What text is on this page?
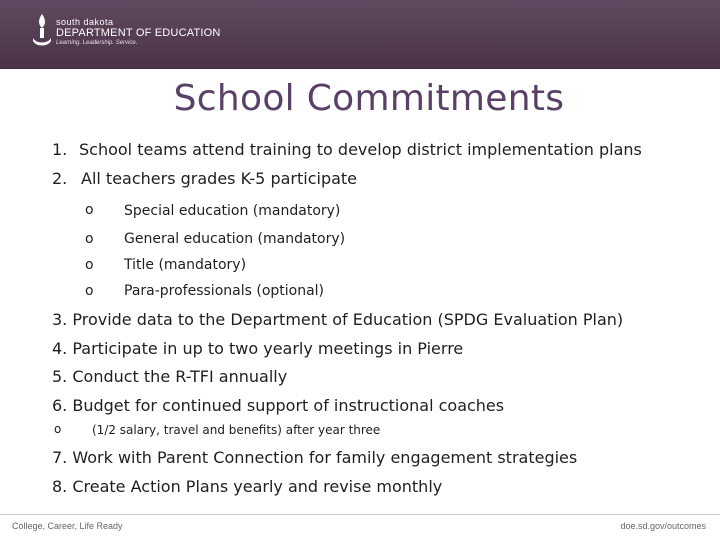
south dakota
DEPARTMENT OF EDUCATION
Learning. Leadership. Service.
School Commitments
1. School teams attend training to develop district implementation plans
2. All teachers grades K-5 participate
o Special education (mandatory)
o General education (mandatory)
o Title (mandatory)
o Para-professionals (optional)
3. Provide data to the Department of Education (SPDG Evaluation Plan)
4. Participate in up to two yearly meetings in Pierre
5. Conduct the R-TFI annually
6. Budget for continued support of instructional coaches
o	(1/2 salary, travel and benefits) after year three
7. Work with Parent Connection for family engagement strategies
8. Create Action Plans yearly and revise monthly
College, Career, Life Ready	doe.sd.gov/outcomes
